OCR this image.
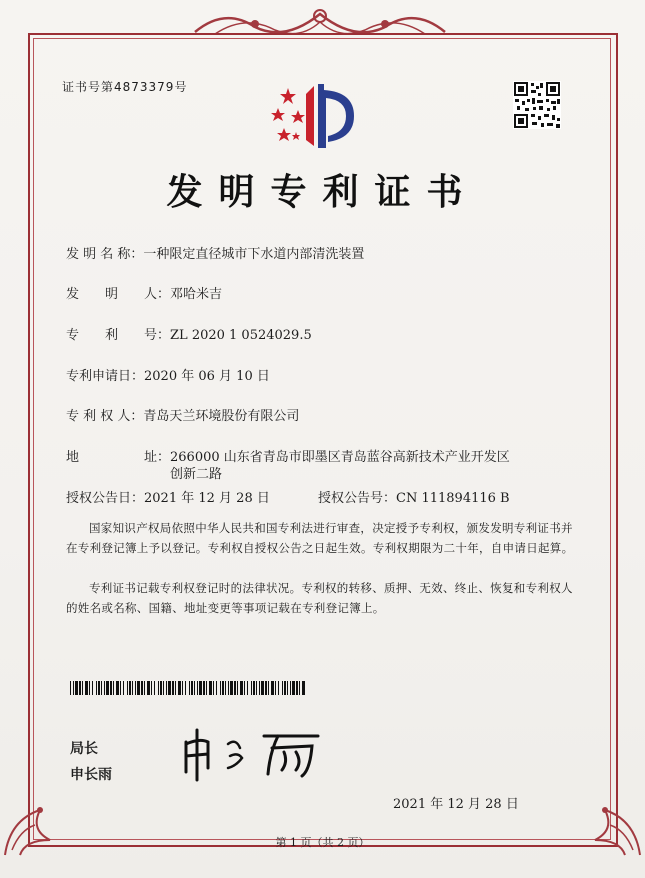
证书号第4873379号
发明专利证书
发 明 名 称：一种限定直径城市下水道内部清洗装置
发　　明　　人：邓哈米吉
专　　利　　号：ZL 2020 1 0524029.5
专利申请日：2020 年 06 月 10 日
专 利 权 人：青岛天兰环境股份有限公司
地　　　　　址：266000 山东省青岛市即墨区青岛蓝谷高新技术产业开发区创新二路
授权公告日：2021 年 12 月 28 日	授权公告号：CN 111894116 B
国家知识产权局依照中华人民共和国专利法进行审查，决定授予专利权，颁发发明专利证书并在专利登记簿上予以登记。专利权自授权公告之日起生效。专利权期限为二十年，自申请日起算。
专利证书记载专利权登记时的法律状况。专利权的转移、质押、无效、终止、恢复和专利权人的姓名或名称、国籍、地址变更等事项记载在专利登记簿上。
局长
申长雨
2021 年 12 月 28 日
第 1 页（共 2 页）
